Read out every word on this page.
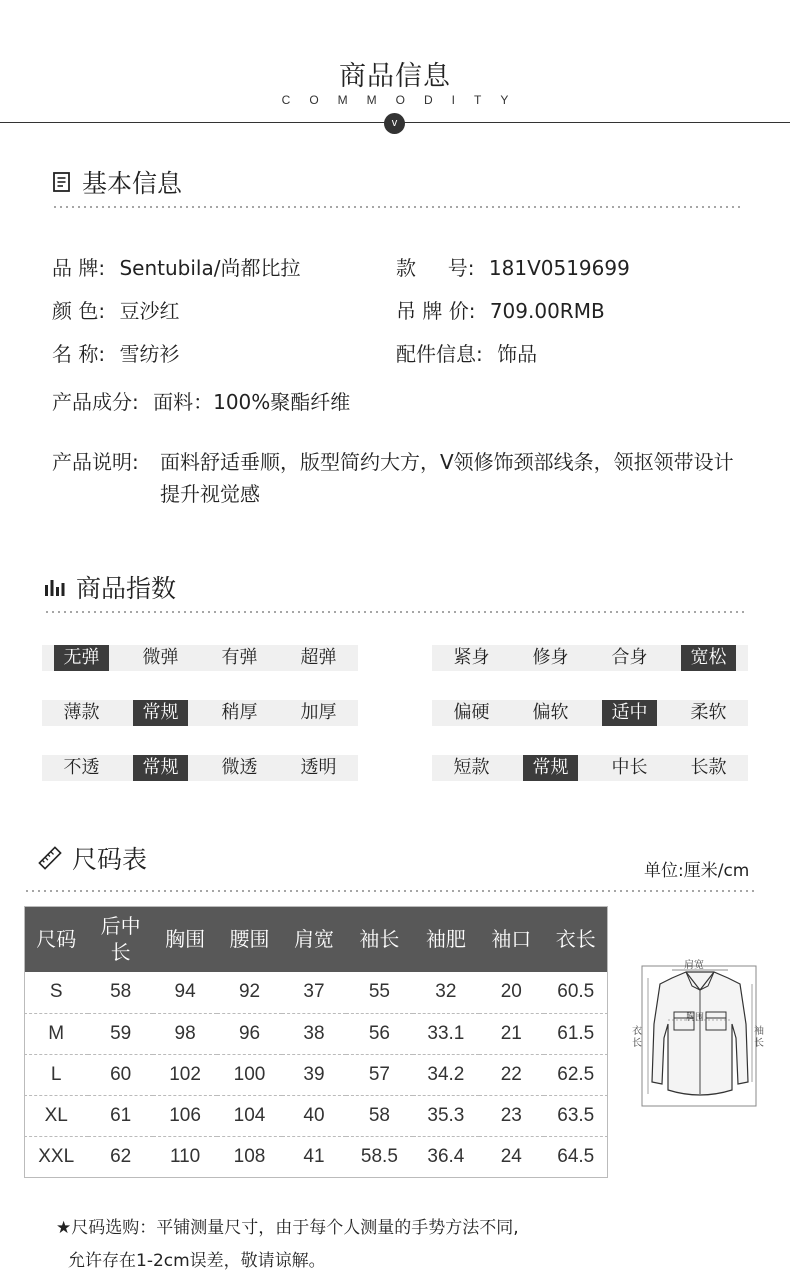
商品信息
COMMODITY
v
基本信息
品 牌: Sentubila/尚都比拉	款     号: 181V0519699
颜 色: 豆沙红	吊 牌 价: 709.00RMB
名 称: 雪纺衫	配件信息: 饰品
产品成分: 面料：100%聚酯纤维
产品说明: 面料舒适垂顺，版型简约大方，V领修饰颈部线条，领抠领带设计提升视觉感
商品指数
无弹	微弹	有弹	超弹	紧身	修身	合身	宽松
薄款	常规	稍厚	加厚	偏硬	偏软	适中	柔软
不透	常规	微透	透明	短款	常规	中长	长款
尺码表	单位:厘米/cm
尺码	后中长	胸围	腰围	肩宽	袖长	袖肥	袖口	衣长
S	58	94	92	37	55	32	20	60.5
M	59	98	96	38	56	33.1	21	61.5
L	60	102	100	39	57	34.2	22	62.5
XL	61	106	104	40	58	35.3	23	63.5
XXL	62	110	108	41	58.5	36.4	24	64.5
肩宽
胸围
衣长
袖长
★尺码选购：平铺测量尺寸，由于每个人测量的手势方法不同,
允许存在1-2cm误差，敬请谅解。
